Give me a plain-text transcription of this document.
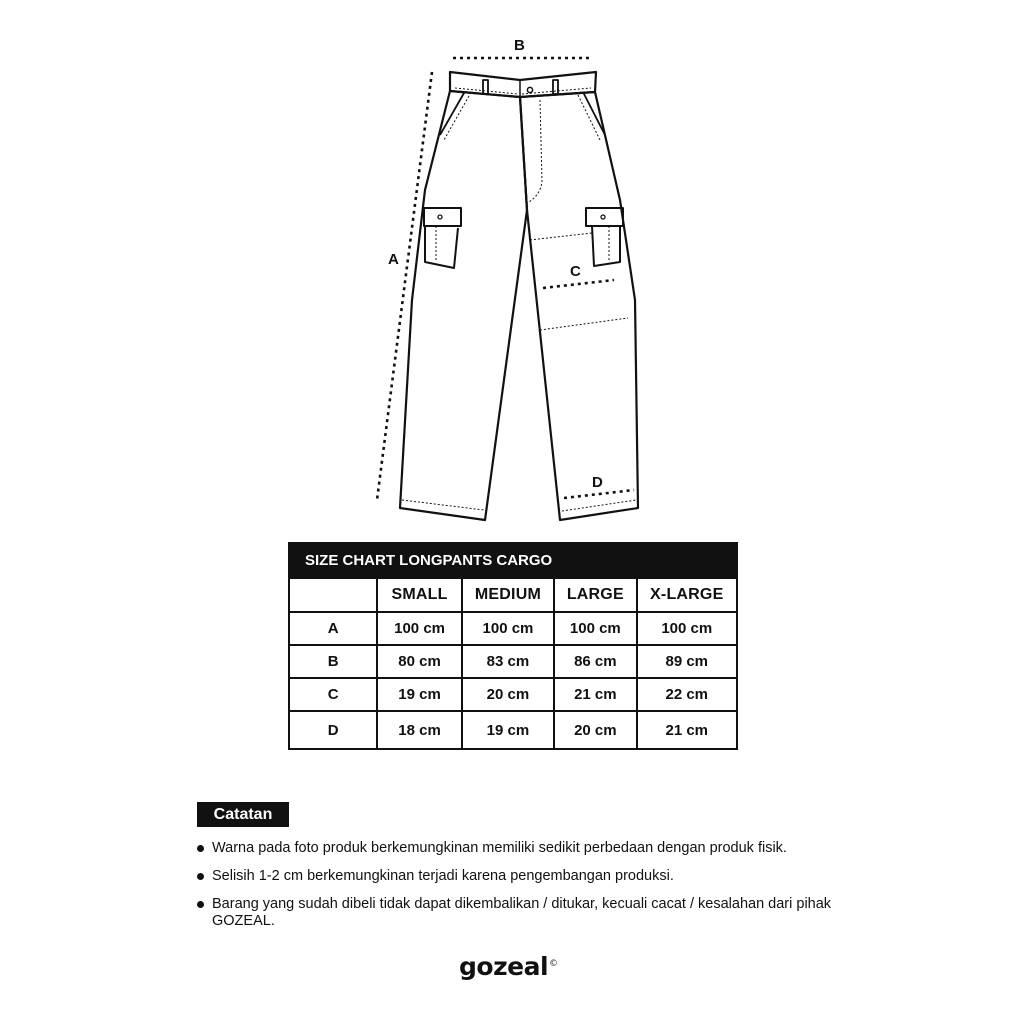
B
A
C
D
SIZE CHART LONGPANTS CARGO				
	SMALL	MEDIUM	LARGE	X-LARGE
A	100 cm	100 cm	100 cm	100 cm
B	80 cm	83 cm	86 cm	89 cm
C	19 cm	20 cm	21 cm	22 cm
D	18 cm	19 cm	20 cm	21 cm
Catatan
Warna pada foto produk berkemungkinan memiliki sedikit perbedaan dengan produk fisik.
Selisih 1-2 cm berkemungkinan terjadi karena pengembangan produksi.
Barang yang sudah dibeli tidak dapat dikembalikan / ditukar, kecuali cacat / kesalahan dari pihak GOZEAL.
gozeal©
